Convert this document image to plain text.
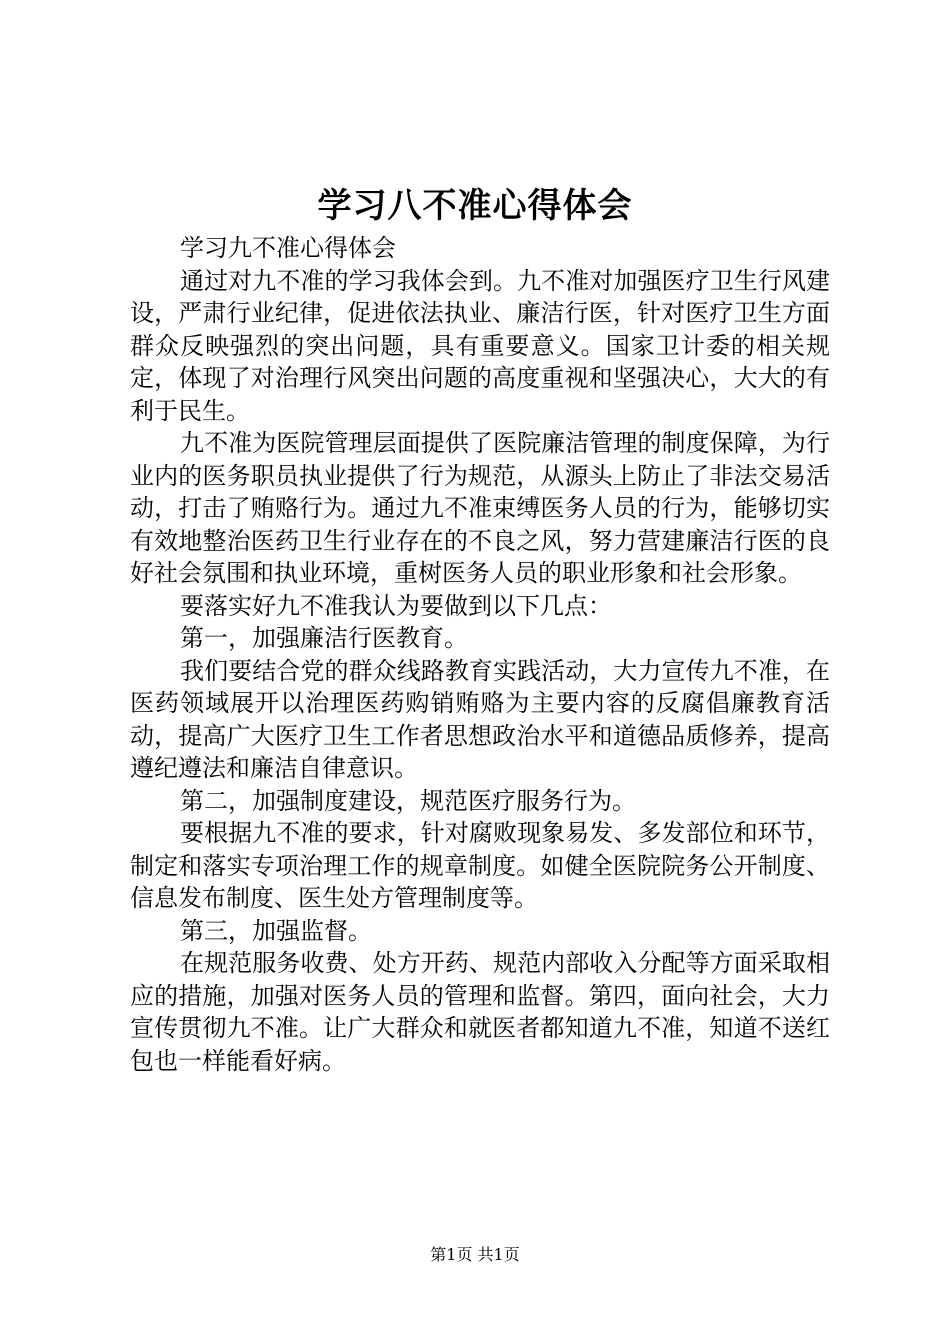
学习八不准心得体会

学习九不准心得体会

通过对九不准的学习我体会到。九不准对加强医疗卫生行风建设，严肃行业纪律，促进依法执业、廉洁行医，针对医疗卫生方面群众反映强烈的突出问题，具有重要意义。国家卫计委的相关规定，体现了对治理行风突出问题的高度重视和坚强决心，大大的有利于民生。

九不准为医院管理层面提供了医院廉洁管理的制度保障，为行业内的医务职员执业提供了行为规范，从源头上防止了非法交易活动，打击了贿赂行为。通过九不准束缚医务人员的行为，能够切实有效地整治医药卫生行业存在的不良之风，努力营建廉洁行医的良好社会氛围和执业环境，重树医务人员的职业形象和社会形象。

要落实好九不准我认为要做到以下几点：

第一，加强廉洁行医教育。

我们要结合党的群众线路教育实践活动，大力宣传九不准，在医药领域展开以治理医药购销贿赂为主要内容的反腐倡廉教育活动，提高广大医疗卫生工作者思想政治水平和道德品质修养，提高遵纪遵法和廉洁自律意识。

第二，加强制度建设，规范医疗服务行为。

要根据九不准的要求，针对腐败现象易发、多发部位和环节，制定和落实专项治理工作的规章制度。如健全医院院务公开制度、信息发布制度、医生处方管理制度等。

第三，加强监督。

在规范服务收费、处方开药、规范内部收入分配等方面采取相应的措施，加强对医务人员的管理和监督。第四，面向社会，大力宣传贯彻九不准。让广大群众和就医者都知道九不准，知道不送红包也一样能看好病。

第1页 共1页
